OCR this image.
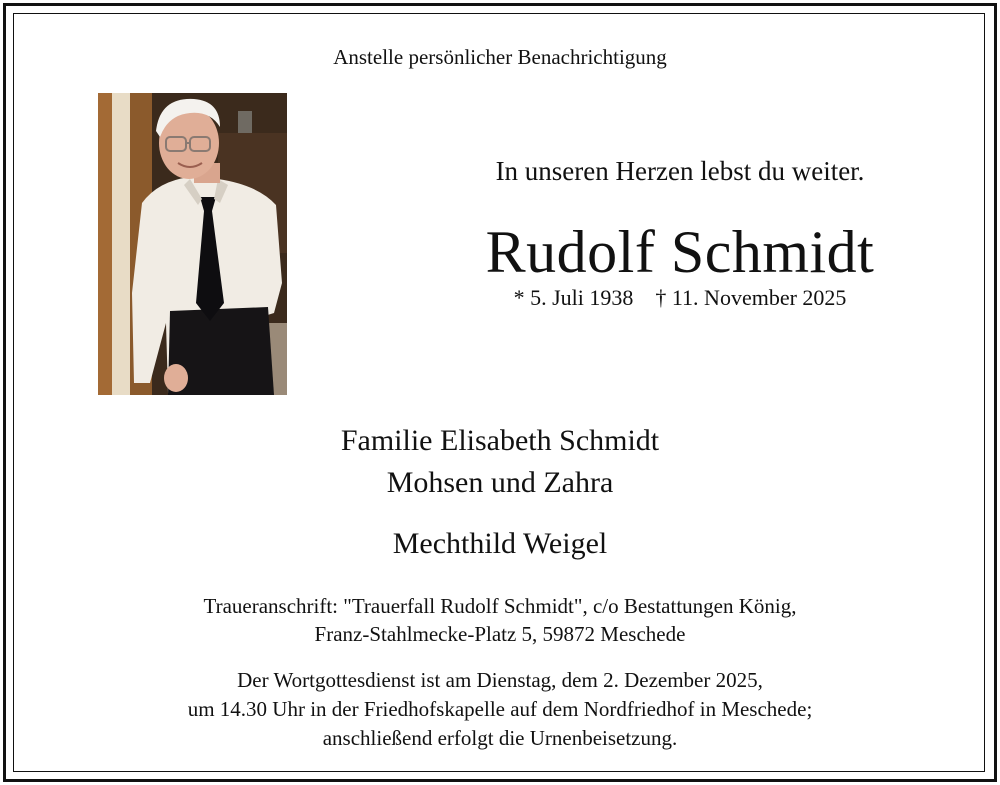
Anstelle persönlicher Benachrichtigung
In unseren Herzen lebst du weiter.
Rudolf Schmidt
* 5. Juli 1938 † 11. November 2025
Familie Elisabeth Schmidt
Mohsen und Zahra
Mechthild Weigel
Traueranschrift: "Trauerfall Rudolf Schmidt", c/o Bestattungen König,
Franz-Stahlmecke-Platz 5, 59872 Meschede
Der Wortgottesdienst ist am Dienstag, dem 2. Dezember 2025,
um 14.30 Uhr in der Friedhofskapelle auf dem Nordfriedhof in Meschede;
anschließend erfolgt die Urnenbeisetzung.
